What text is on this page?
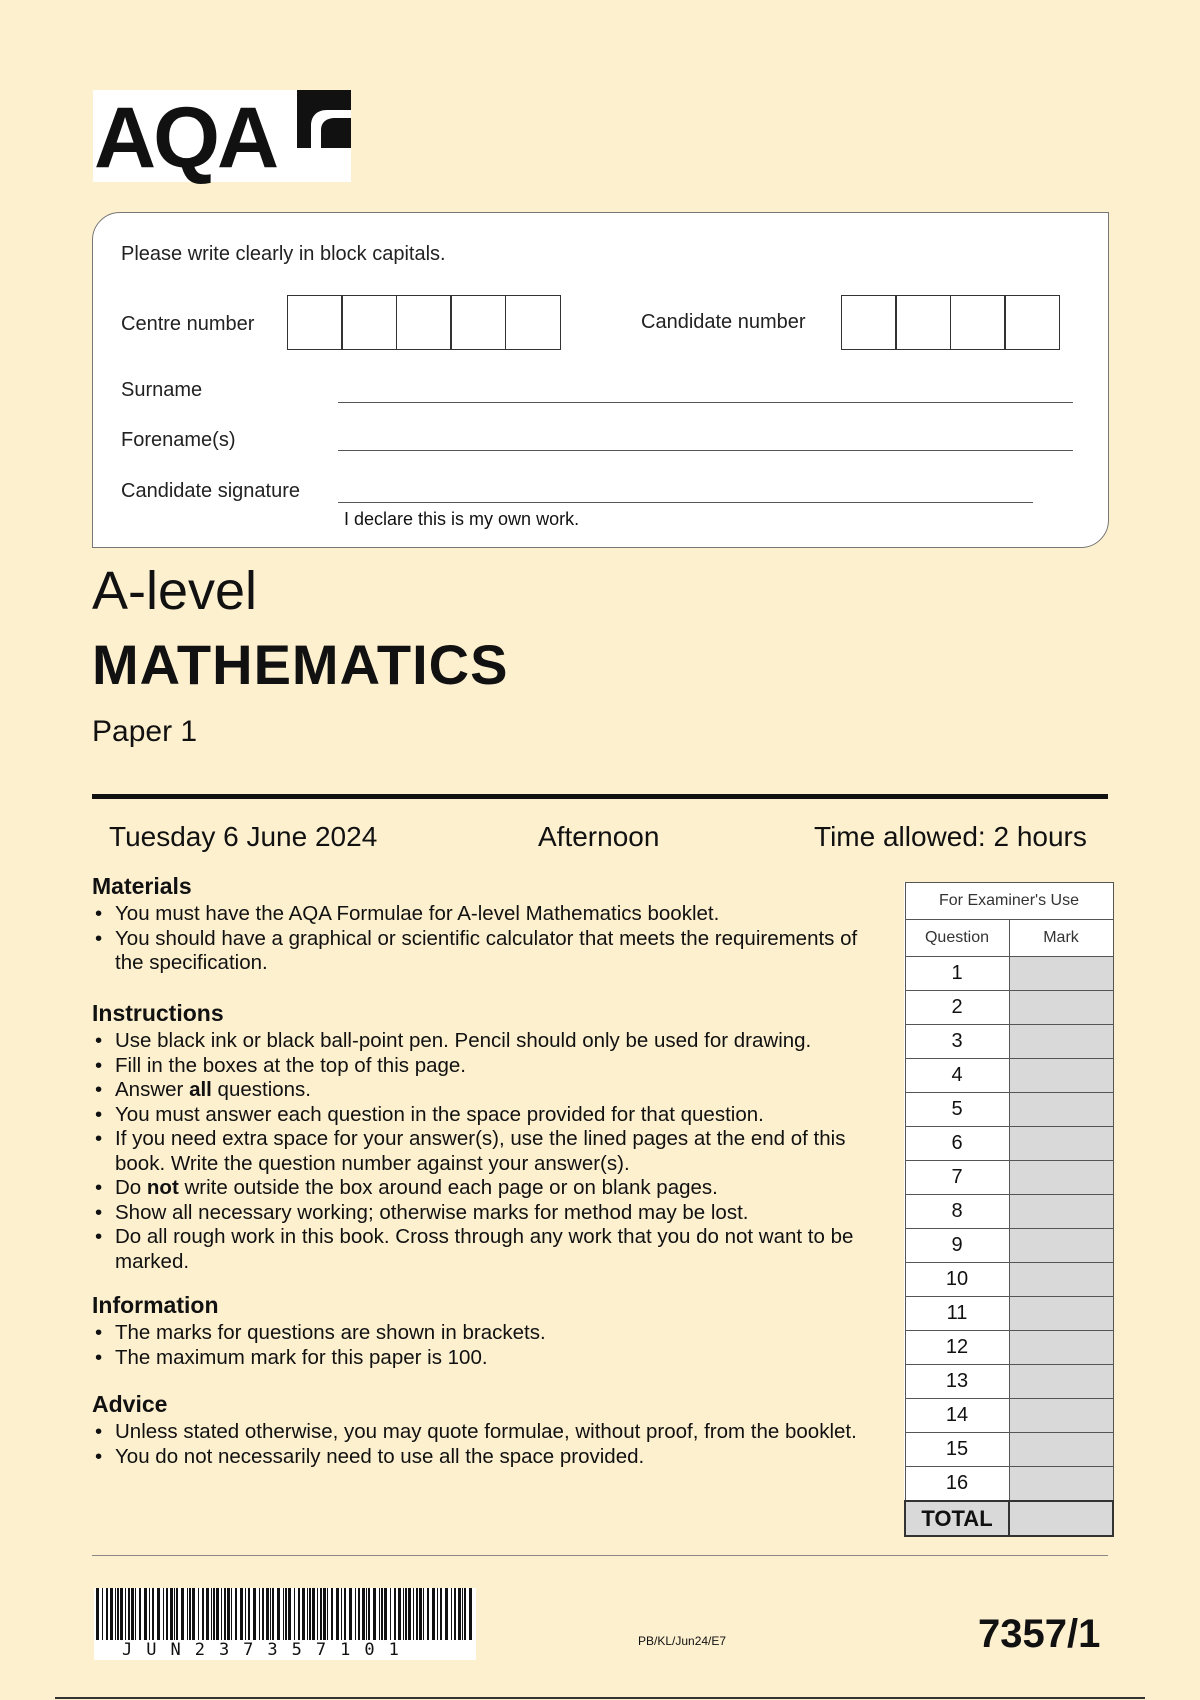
AQA
Please write clearly in block capitals.
Centre number	Candidate number
Surname
Forename(s)
Candidate signature
I declare this is my own work.
A-level
MATHEMATICS
Paper 1
Tuesday 6 June 2024	Afternoon	Time allowed: 2 hours
Materials
• You must have the AQA Formulae for A-level Mathematics booklet.
• You should have a graphical or scientific calculator that meets the requirements of the specification.
Instructions
• Use black ink or black ball-point pen. Pencil should only be used for drawing.
• Fill in the boxes at the top of this page.
• Answer all questions.
• You must answer each question in the space provided for that question.
• If you need extra space for your answer(s), use the lined pages at the end of this book. Write the question number against your answer(s).
• Do not write outside the box around each page or on blank pages.
• Show all necessary working; otherwise marks for method may be lost.
• Do all rough work in this book. Cross through any work that you do not want to be marked.
Information
• The marks for questions are shown in brackets.
• The maximum mark for this paper is 100.
Advice
• Unless stated otherwise, you may quote formulae, without proof, from the booklet.
• You do not necessarily need to use all the space provided.
For Examiner's Use	
Question	Mark
1	
2	
3	
4	
5	
6	
7	
8	
9	
10	
11	
12	
13	
14	
15	
16	
TOTAL	
JUN237357101	PB/KL/Jun24/E7	7357/1
